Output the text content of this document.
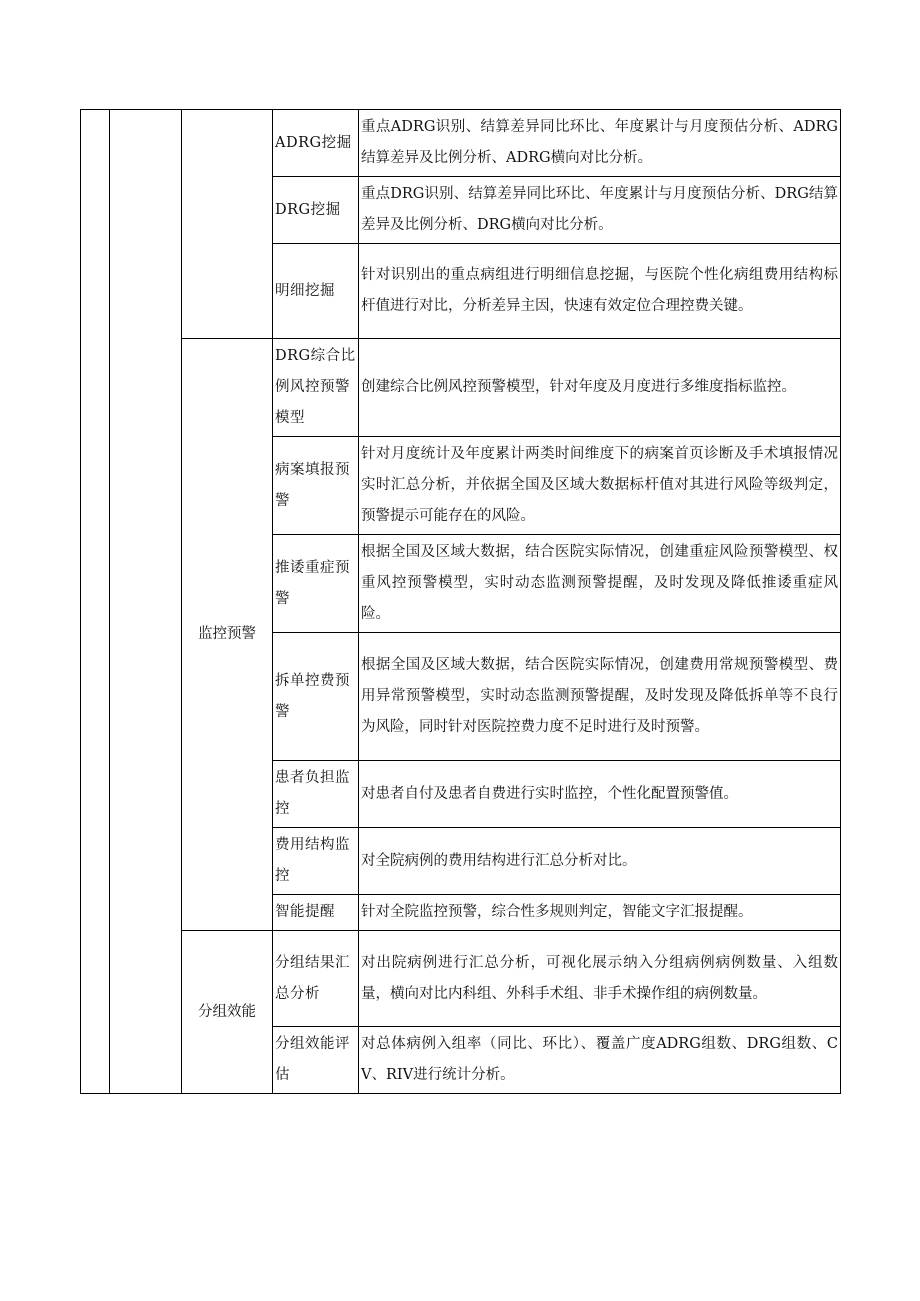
			ADRG挖掘	重点ADRG识别、结算差异同比环比、年度累计与月度预估分析、ADRG结算差异及比例分析、ADRG横向对比分析。
			DRG挖掘	重点DRG识别、结算差异同比环比、年度累计与月度预估分析、DRG结算差异及比例分析、DRG横向对比分析。
			明细挖掘	针对识别出的重点病组进行明细信息挖掘，与医院个性化病组费用结构标杆值进行对比，分析差异主因，快速有效定位合理控费关键。
		监控预警	DRG综合比例风控预警模型	创建综合比例风控预警模型，针对年度及月度进行多维度指标监控。
			病案填报预警	针对月度统计及年度累计两类时间维度下的病案首页诊断及手术填报情况实时汇总分析，并依据全国及区域大数据标杆值对其进行风险等级判定，预警提示可能存在的风险。
			推诿重症预警	根据全国及区域大数据，结合医院实际情况，创建重症风险预警模型、权重风控预警模型，实时动态监测预警提醒，及时发现及降低推诿重症风险。
			拆单控费预警	根据全国及区域大数据，结合医院实际情况，创建费用常规预警模型、费用异常预警模型，实时动态监测预警提醒，及时发现及降低拆单等不良行为风险，同时针对医院控费力度不足时进行及时预警。
			患者负担监控	对患者自付及患者自费进行实时监控，个性化配置预警值。
			费用结构监控	对全院病例的费用结构进行汇总分析对比。
			智能提醒	针对全院监控预警，综合性多规则判定，智能文字汇报提醒。
		分组效能	分组结果汇总分析	对出院病例进行汇总分析，可视化展示纳入分组病例病例数量、入组数量，横向对比内科组、外科手术组、非手术操作组的病例数量。
			分组效能评估	对总体病例入组率（同比、环比）、覆盖广度ADRG组数、DRG组数、CV、RIV进行统计分析。
